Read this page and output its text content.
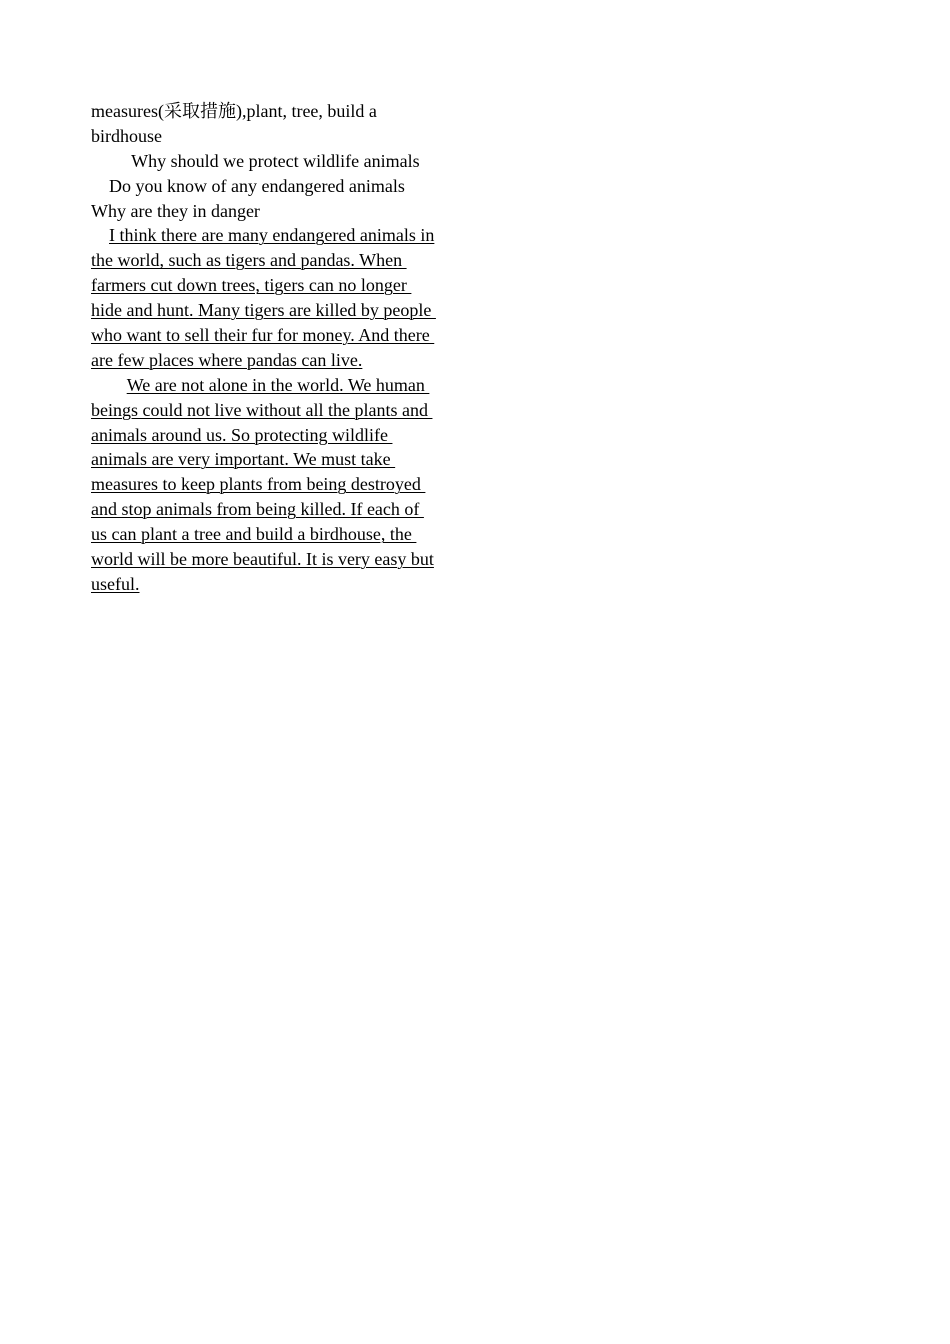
measures(采取措施),plant, tree, build a
birdhouse
Why should we protect wildlife animals
Do you know of any endangered animals
Why are they in danger
I think there are many endangered animals in
the world, such as tigers and pandas. When
farmers cut down trees, tigers can no longer
hide and hunt. Many tigers are killed by people
who want to sell their fur for money. And there
are few places where pandas can live.
We are not alone in the world. We human
beings could not live without all the plants and
animals around us. So protecting wildlife
animals are very important. We must take
measures to keep plants from being destroyed
and stop animals from being killed. If each of
us can plant a tree and build a birdhouse, the
world will be more beautiful. It is very easy but
useful.
